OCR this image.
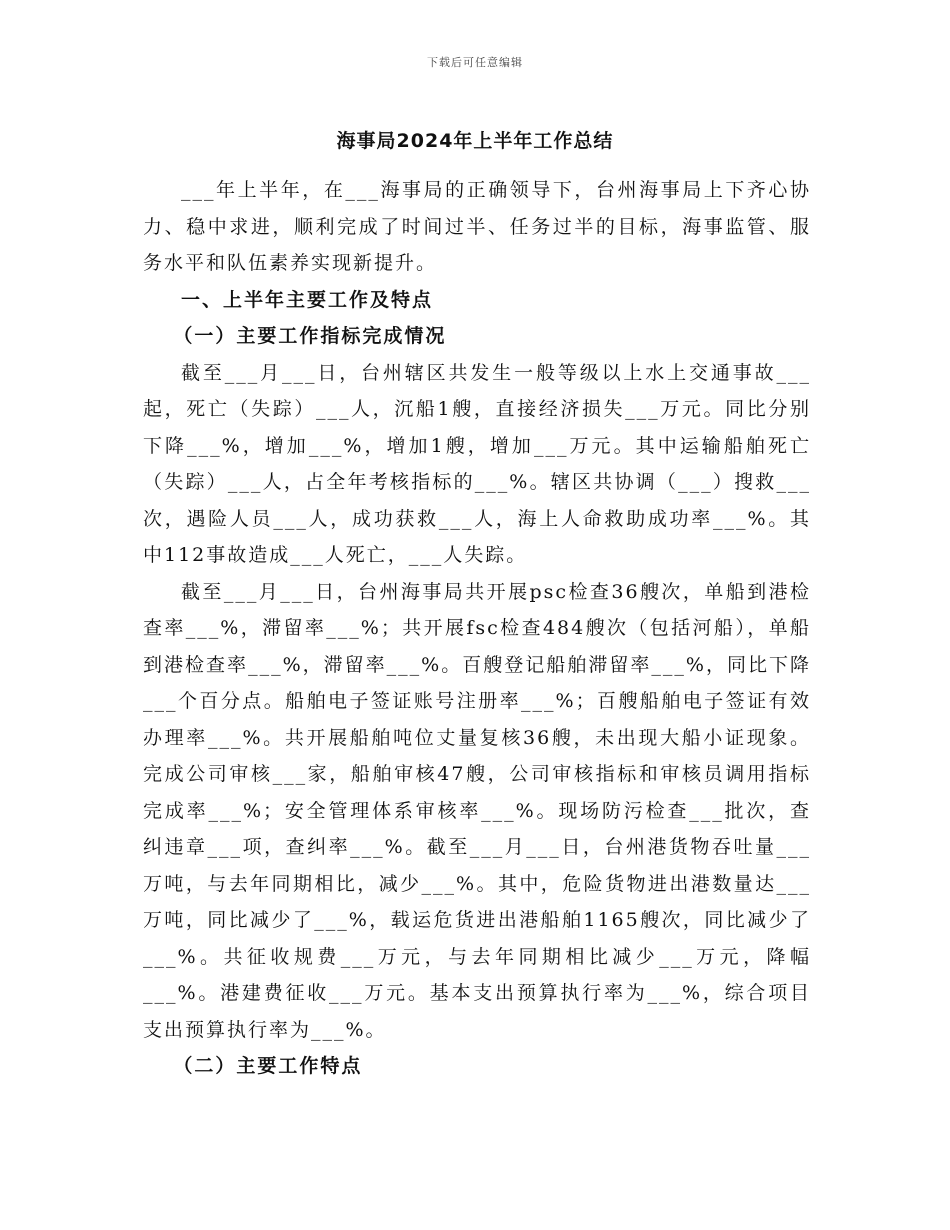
下载后可任意编辑
海事局2024年上半年工作总结

___年上半年，在___海事局的正确领导下，台州海事局上下齐心协力、稳中求进，顺利完成了时间过半、任务过半的目标，海事监管、服务水平和队伍素养实现新提升。

一、上半年主要工作及特点

（一）主要工作指标完成情况

截至___月___日，台州辖区共发生一般等级以上水上交通事故___起，死亡（失踪）___人，沉船1艘，直接经济损失___万元。同比分别下降___%，增加___%，增加1艘，增加___万元。其中运输船舶死亡（失踪）___人，占全年考核指标的___%。辖区共协调（___）搜救___次，遇险人员___人，成功获救___人，海上人命救助成功率___%。其中112事故造成___人死亡，___人失踪。

截至___月___日，台州海事局共开展psc检查36艘次，单船到港检查率___%，滞留率___%；共开展fsc检查484艘次（包括河船），单船到港检查率___%，滞留率___%。百艘登记船舶滞留率___%，同比下降___个百分点。船舶电子签证账号注册率___%；百艘船舶电子签证有效办理率___%。共开展船舶吨位丈量复核36艘，未出现大船小证现象。完成公司审核___家，船舶审核47艘，公司审核指标和审核员调用指标完成率___%；安全管理体系审核率___%。现场防污检查___批次，查纠违章___项，查纠率___%。截至___月___日，台州港货物吞吐量___万吨，与去年同期相比，减少___%。其中，危险货物进出港数量达___万吨，同比减少了___%，载运危货进出港船舶1165艘次，同比减少了___%。共征收规费___万元，与去年同期相比减少___万元，降幅___%。港建费征收___万元。基本支出预算执行率为___%，综合项目支出预算执行率为___%。

（二）主要工作特点
